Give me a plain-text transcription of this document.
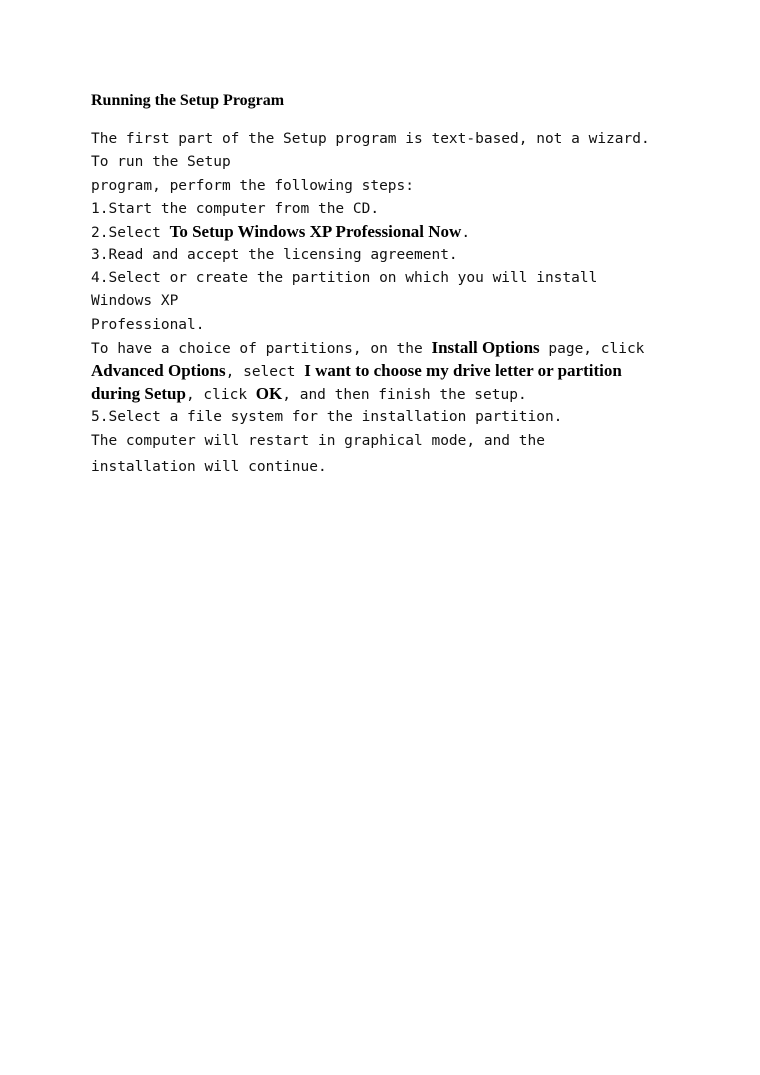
Running the Setup Program
The first part of the Setup program is text-based, not a wizard.
To run the Setup
program, perform the following steps:
1.Start the computer from the CD.
2.Select To Setup Windows XP Professional Now.
3.Read and accept the licensing agreement.
4.Select or create the partition on which you will install
Windows XP
Professional.
To have a choice of partitions, on the Install Options page, click
Advanced Options, select I want to choose my drive letter or partition
during Setup, click OK, and then finish the setup.
5.Select a file system for the installation partition.
The computer will restart in graphical mode, and the
installation will continue.
